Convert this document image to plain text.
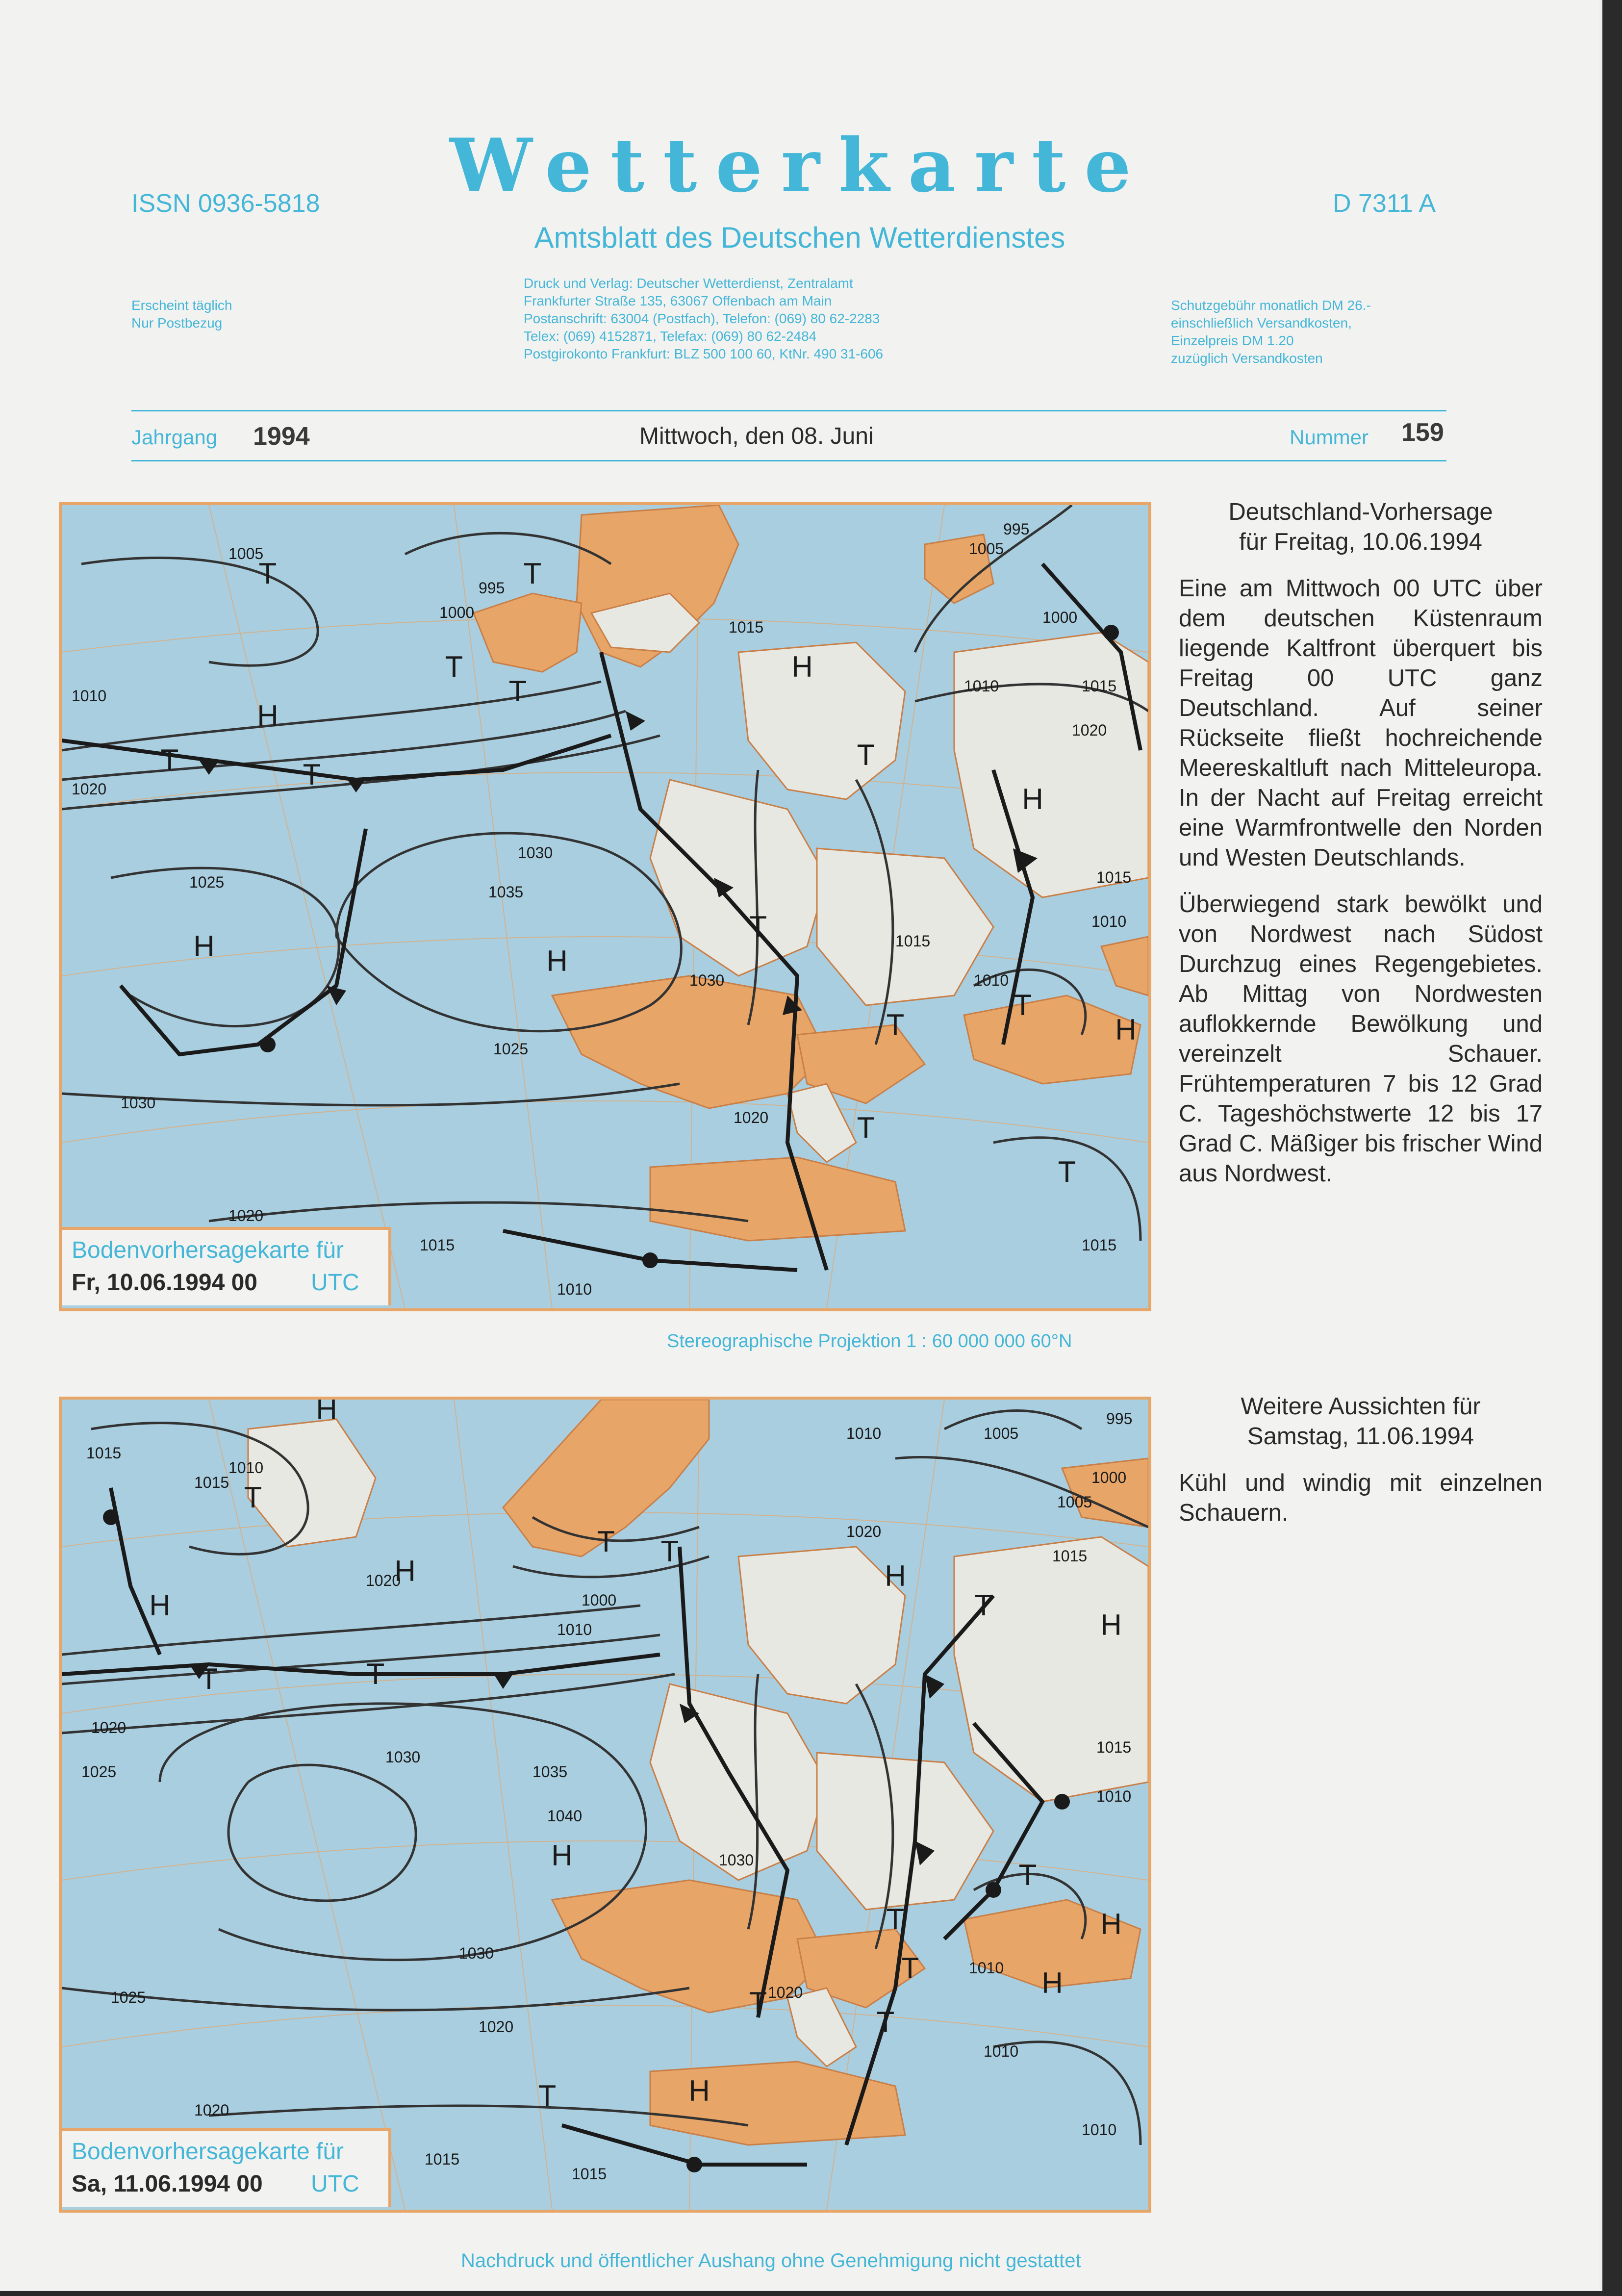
Wetterkarte
Amtsblatt des Deutschen Wetterdienstes
ISSN 0936-5818	D 7311 A
Erscheint täglich
Nur Postbezug
Druck und Verlag: Deutscher Wetterdienst, Zentralamt
Frankfurter Straße 135, 63067 Offenbach am Main
Postanschrift: 63004 (Postfach), Telefon: (069) 80 62-2283
Telex: (069) 4152871, Telefax: (069) 80 62-2484
Postgirokonto Frankfurt: BLZ 500 100 60, KtNr. 490 31-606
Schutzgebühr monatlich DM 26.-
einschließlich Versandkosten,
Einzelpreis DM 1.20
zuzüglich Versandkosten
Jahrgang 1994	Mittwoch, den 08. Juni	Nummer 159
H
H	H
H
H
H
T	T
T
T
T	T
T
T
T
T
T
T
1005
1000
995
1015
1010
1020
1025
1030
1035
1030
1025
1020
1015
1010
1005
995
1000
1010	1015
1020
1015
1010
1030
1020
1015
1010
1015
Bodenvorhersagekarte für
Fr, 10.06.1994 00 UTC
Stereographische Projektion 1 : 60 000 000 60°N
H
H
H
H
H
H
H
H
H
T
T	T
T T
T
T
T
T
T
T
T
1015
1010
1015
1020
1010	1005
1000
1005
995
1000
1010
1020
1015
1020
1015
1010
1025
1030
1035
1040
1030
1025
1020
1020
1015
1015
1030
1020
1010
1010
1010
Bodenvorhersagekarte für
Sa, 11.06.1994 00 UTC
Nachdruck und öffentlicher Aushang ohne Genehmigung nicht gestattet

Deutschland-Vorhersage

für Freitag, 10.06.1994

Eine am Mittwoch 00 UTC über dem deutschen Küstenraum liegende Kaltfront überquert bis Freitag 00 UTC ganz Deutschland. Auf seiner Rückseite fließt hochreichende Meereskaltluft nach Mitteleuropa. In der Nacht auf Freitag erreicht eine Warmfrontwelle den Norden und Westen Deutschlands.

Überwiegend stark bewölkt und von Nordwest nach Südost Durchzug eines Regengebietes. Ab Mittag von Nordwesten auflokkernde Bewölkung und vereinzelt Schauer. Frühtemperaturen 7 bis 12 Grad C. Tageshöchstwerte 12 bis 17 Grad C. Mäßiger bis frischer Wind aus Nordwest.

Weitere Aussichten für

Samstag, 11.06.1994

Kühl und windig mit einzelnen Schauern.
